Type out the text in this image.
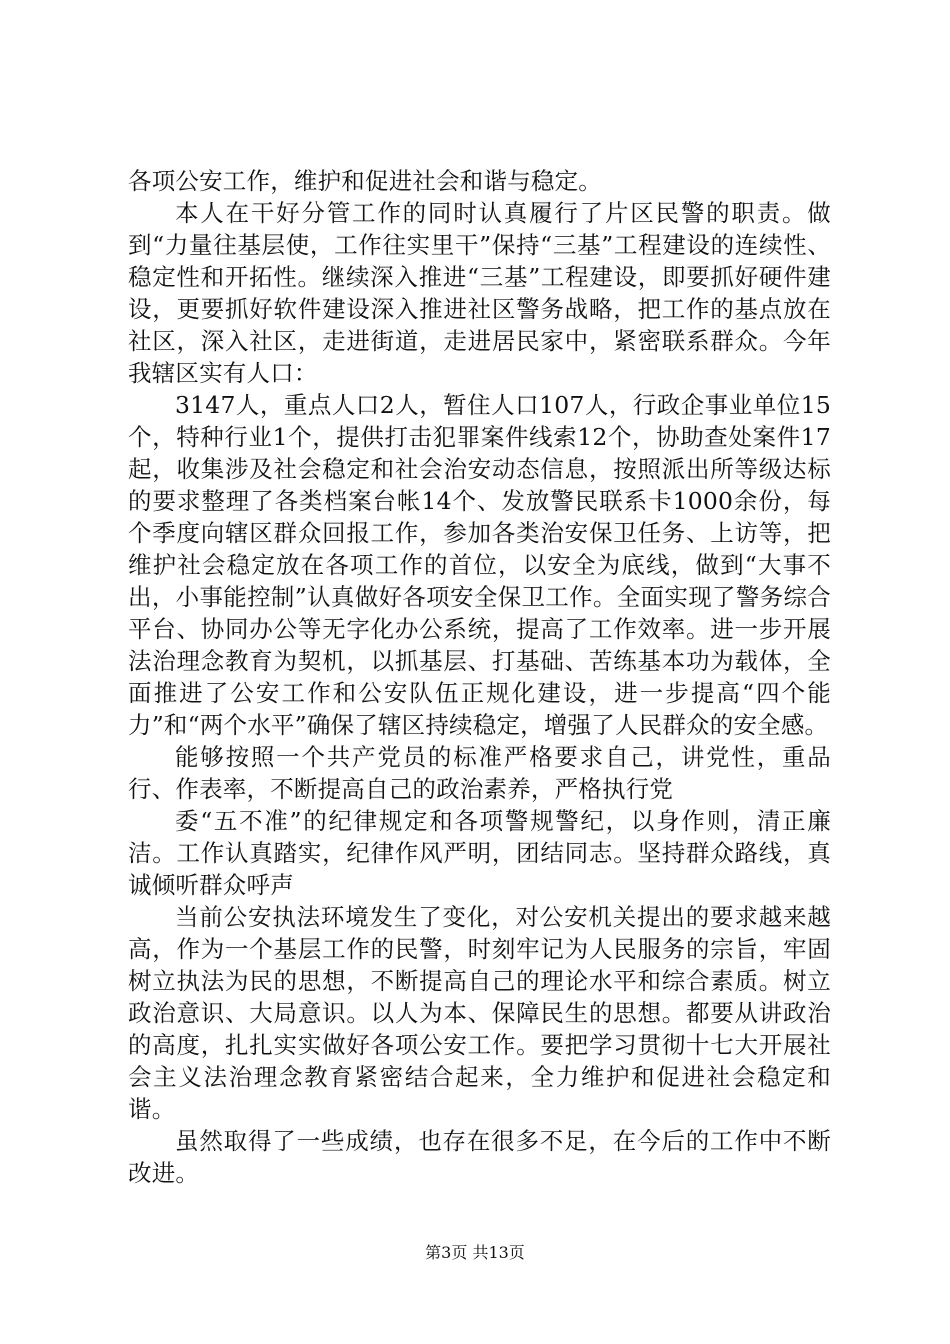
各项公安工作，维护和促进社会和谐与稳定。

本人在干好分管工作的同时认真履行了片区民警的职责。做到“力量往基层使，工作往实里干”保持“三基”工程建设的连续性、稳定性和开拓性。继续深入推进“三基”工程建设，即要抓好硬件建设，更要抓好软件建设深入推进社区警务战略，把工作的基点放在社区，深入社区，走进街道，走进居民家中，紧密联系群众。今年我辖区实有人口：

3147人，重点人口2人，暂住人口107人，行政企事业单位15个，特种行业1个，提供打击犯罪案件线索12个，协助查处案件17起，收集涉及社会稳定和社会治安动态信息，按照派出所等级达标的要求整理了各类档案台帐14个、发放警民联系卡1000余份，每个季度向辖区群众回报工作，参加各类治安保卫任务、上访等，把维护社会稳定放在各项工作的首位，以安全为底线，做到“大事不出，小事能控制”认真做好各项安全保卫工作。全面实现了警务综合平台、协同办公等无字化办公系统，提高了工作效率。进一步开展法治理念教育为契机，以抓基层、打基础、苦练基本功为载体，全面推进了公安工作和公安队伍正规化建设，进一步提高“四个能力”和“两个水平”确保了辖区持续稳定，增强了人民群众的安全感。

能够按照一个共产党员的标准严格要求自己，讲党性，重品行、作表率，不断提高自己的政治素养，严格执行党

委“五不准”的纪律规定和各项警规警纪，以身作则，清正廉洁。工作认真踏实，纪律作风严明，团结同志。坚持群众路线，真诚倾听群众呼声

当前公安执法环境发生了变化，对公安机关提出的要求越来越高，作为一个基层工作的民警，时刻牢记为人民服务的宗旨，牢固树立执法为民的思想，不断提高自己的理论水平和综合素质。树立政治意识、大局意识。以人为本、保障民生的思想。都要从讲政治的高度，扎扎实实做好各项公安工作。要把学习贯彻十七大开展社会主义法治理念教育紧密结合起来，全力维护和促进社会稳定和谐。

虽然取得了一些成绩，也存在很多不足，在今后的工作中不断改进。

第3页 共13页
